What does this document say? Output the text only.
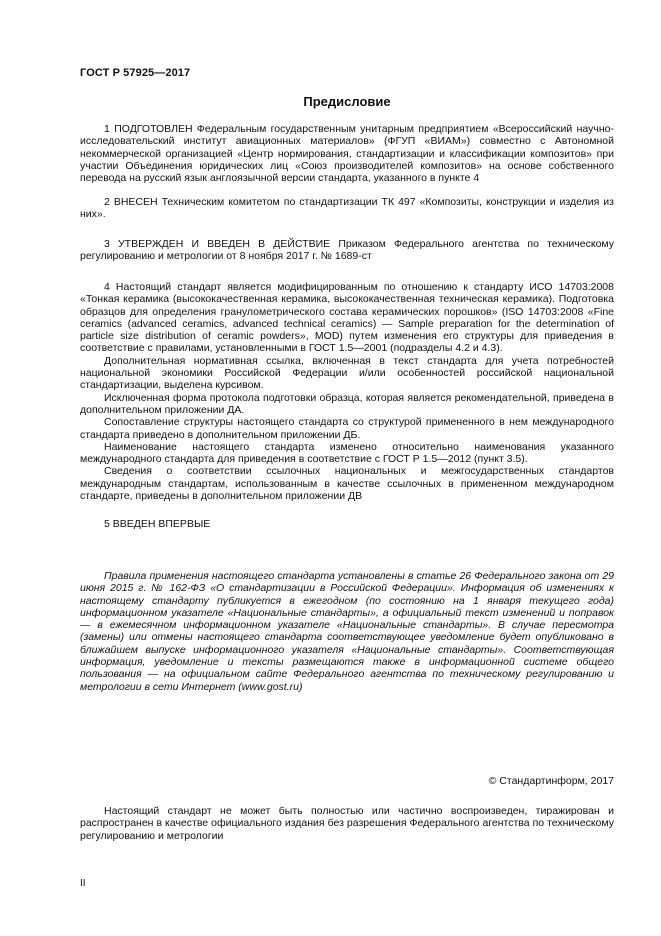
ГОСТ Р 57925—2017
Предисловие

1 ПОДГОТОВЛЕН Федеральным государственным унитарным предприятием «Всероссийский научно-исследовательский институт авиационных материалов» (ФГУП «ВИАМ») совместно с Автономной некоммерческой организацией «Центр нормирования, стандартизации и классификации композитов» при участии Объединения юридических лиц «Союз производителей композитов» на основе собственного перевода на русский язык англоязычной версии стандарта, указанного в пункте 4

2 ВНЕСЕН Техническим комитетом по стандартизации ТК 497 «Композиты, конструкции и изделия из них».

3 УТВЕРЖДЕН И ВВЕДЕН В ДЕЙСТВИЕ Приказом Федерального агентства по техническому регулированию и метрологии от 8 ноября 2017 г. № 1689-ст

4 Настоящий стандарт является модифицированным по отношению к стандарту ИСО 14703:2008 «Тонкая керамика (высококачественная керамика, высококачественная техническая керамика). Подготовка образцов для определения гранулометрического состава керамических порошков» (ISO 14703:2008 «Fine ceramics (advanced ceramics, advanced technical ceramics) — Sample preparation for the determination of particle size distribution of ceramic powders», MOD) путем изменения его структуры для приведения в соответствие с правилами, установленными в ГОСТ 1.5—2001 (подразделы 4.2 и 4.3).

Дополнительная нормативная ссылка, включенная в текст стандарта для учета потребностей национальной экономики Российской Федерации и/или особенностей российской национальной стандартизации, выделена курсивом.

Исключенная форма протокола подготовки образца, которая является рекомендательной, приведена в дополнительном приложении ДА.

Сопоставление структуры настоящего стандарта со структурой примененного в нем международного стандарта приведено в дополнительном приложении ДБ.

Наименование настоящего стандарта изменено относительно наименования указанного международного стандарта для приведения в соответствие с ГОСТ Р 1.5—2012 (пункт 3.5).

Сведения о соответствии ссылочных национальных и межгосударственных стандартов международным стандартам, использованным в качестве ссылочных в примененном международном стандарте, приведены в дополнительном приложении ДВ

5 ВВЕДЕН ВПЕРВЫЕ

Правила применения настоящего стандарта установлены в статье 26 Федерального закона от 29 июня 2015 г. № 162-ФЗ «О стандартизации в Российской Федерации». Информация об изменениях к настоящему стандарту публикуется в ежегодном (по состоянию на 1 января текущего года) информационном указателе «Национальные стандарты», а официальный текст изменений и поправок — в ежемесячном информационном указателе «Национальные стандарты». В случае пересмотра (замены) или отмены настоящего стандарта соответствующее уведомление будет опубликовано в ближайшем выпуске информационного указателя «Национальные стандарты». Соответствующая информация, уведомление и тексты размещаются также в информационной системе общего пользования — на официальном сайте Федерального агентства по техническому регулированию и метрологии в сети Интернет (www.gost.ru)

© Стандартинформ, 2017

Настоящий стандарт не может быть полностью или частично воспроизведен, тиражирован и распространен в качестве официального издания без разрешения Федерального агентства по техническому регулированию и метрологии

II
